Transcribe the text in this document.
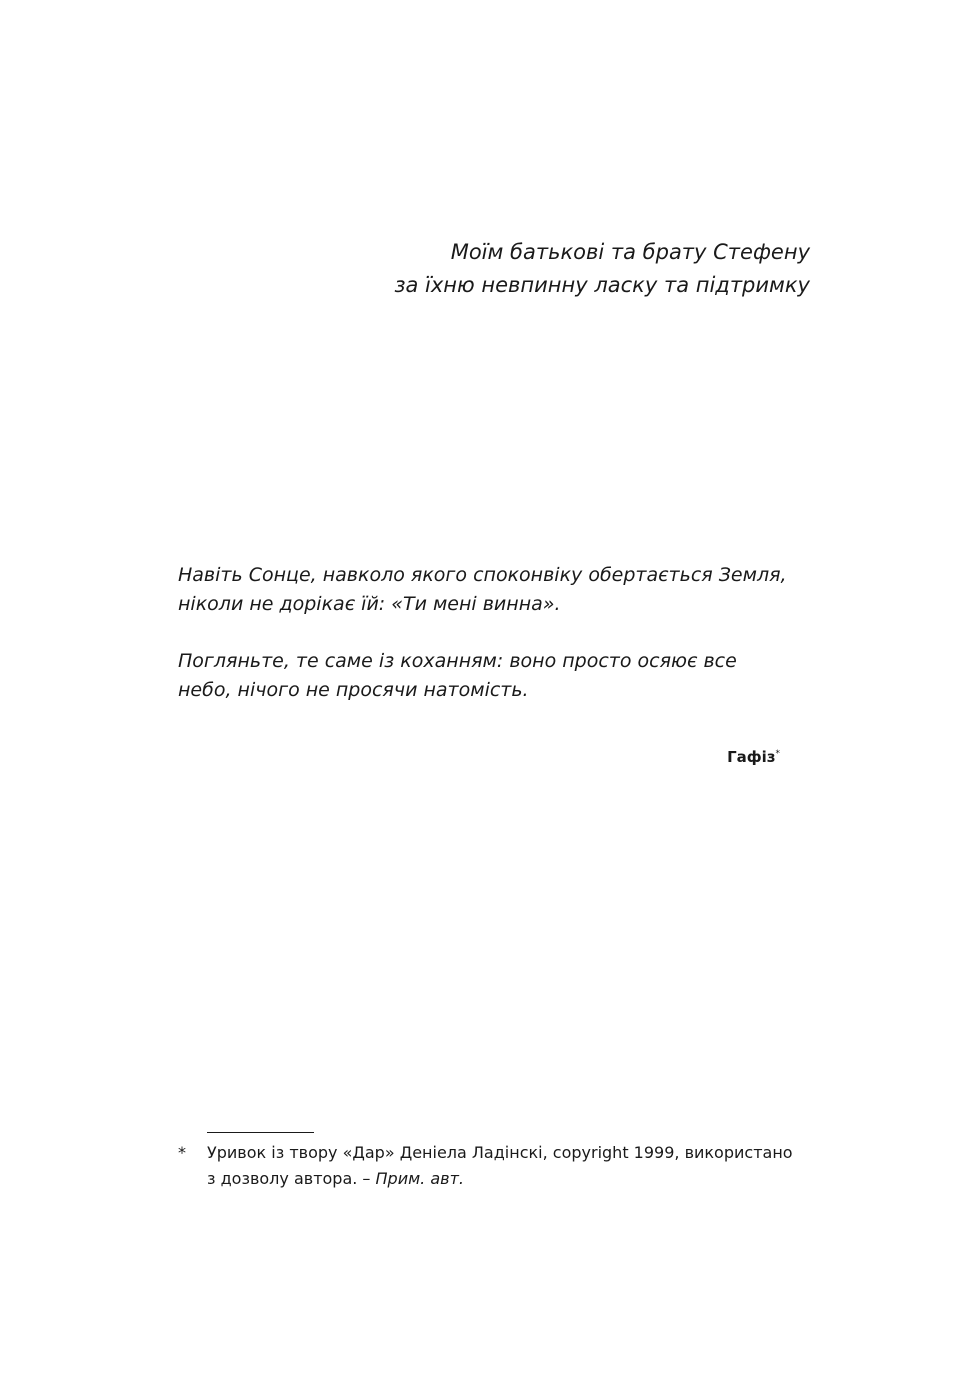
Моїм батькові та брату Стефену
за їхню невпинну ласку та підтримку

Навіть Сонце, навколо якого споконвіку обертається Земля,
ніколи не дорікає їй: «Ти мені винна».

Погляньте, те саме із коханням: воно просто осяює все
небо, нічого не просячи натомість.

Гафіз*
* Уривок із твору «Дар» Деніела Ладінскі, copyright 1999, використано
з дозволу автора. – Прим. авт.
